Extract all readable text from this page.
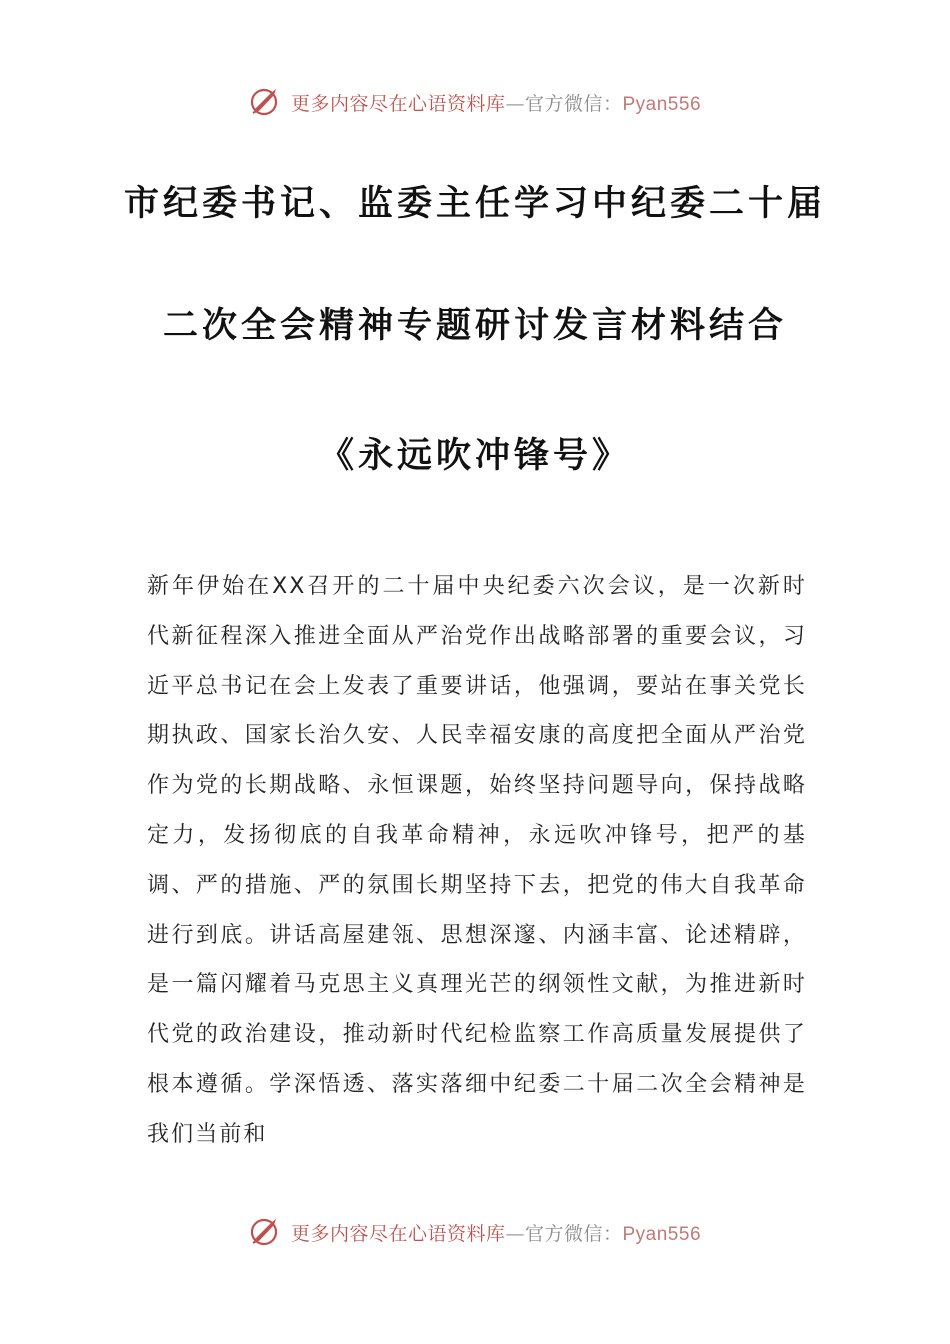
更多内容尽在心语资料库—官方微信：Pyan556
市纪委书记、监委主任学习中纪委二十届
二次全会精神专题研讨发言材料结合
《永远吹冲锋号》
新年伊始在XX召开的二十届中央纪委六次会议，是一次新时代新征程深入推进全面从严治党作出战略部署的重要会议，习近平总书记在会上发表了重要讲话，他强调，要站在事关党长期执政、国家长治久安、人民幸福安康的高度把全面从严治党作为党的长期战略、永恒课题，始终坚持问题导向，保持战略定力，发扬彻底的自我革命精神，永远吹冲锋号，把严的基调、严的措施、严的氛围长期坚持下去，把党的伟大自我革命进行到底。讲话高屋建瓴、思想深邃、内涵丰富、论述精辟，是一篇闪耀着马克思主义真理光芒的纲领性文献，为推进新时代党的政治建设，推动新时代纪检监察工作高质量发展提供了根本遵循。学深悟透、落实落细中纪委二十届二次全会精神是我们当前和
更多内容尽在心语资料库—官方微信：Pyan556
